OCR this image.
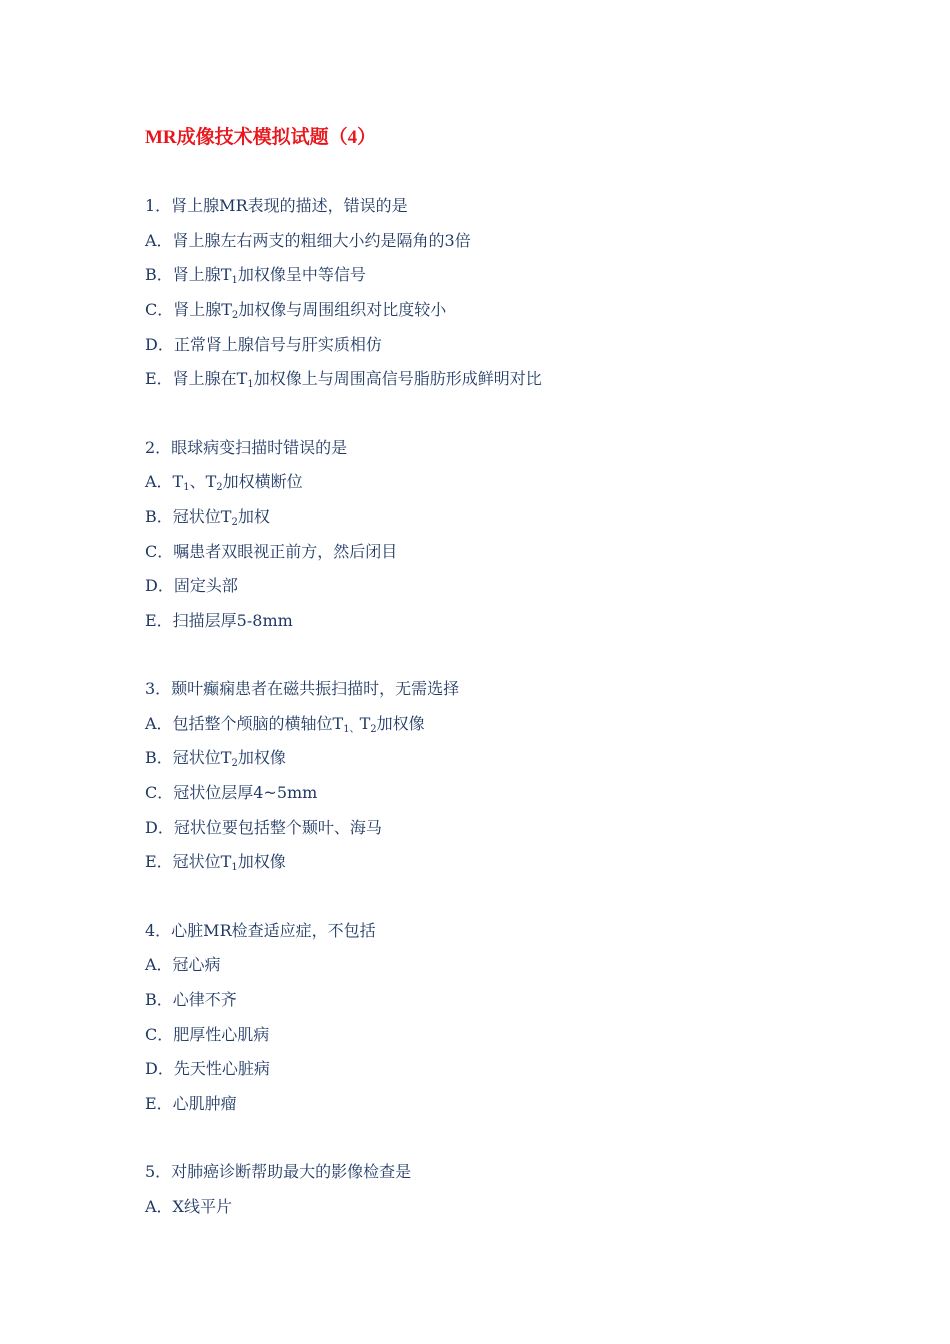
MR成像技术模拟试题（4）
1．肾上腺MR表现的描述，错误的是
A．肾上腺左右两支的粗细大小约是隔角的3倍
B．肾上腺$T_1$加权像呈中等信号
C．肾上腺$T_2$加权像与周围组织对比度较小
D．正常肾上腺信号与肝实质相仿
E．肾上腺在$T_1$加权像上与周围高信号脂肪形成鲜明对比
2．眼球病变扫描时错误的是
A．$T_1$、$T_2$加权横断位
B．冠状位$T_2$加权
C．嘱患者双眼视正前方，然后闭目
D．固定头部
E．扫描层厚5-8mm
3．颞叶癫痫患者在磁共振扫描时，无需选择
A．包括整个颅脑的横轴位$T_{1、}T_2$加权像
B．冠状位$T_2$加权像
C．冠状位层厚4~5mm
D．冠状位要包括整个颞叶、海马
E．冠状位$T_1$加权像
4．心脏MR检查适应症，不包括
A．冠心病
B．心律不齐
C．肥厚性心肌病
D．先天性心脏病
E．心肌肿瘤
5．对肺癌诊断帮助最大的影像检查是
A．X线平片
